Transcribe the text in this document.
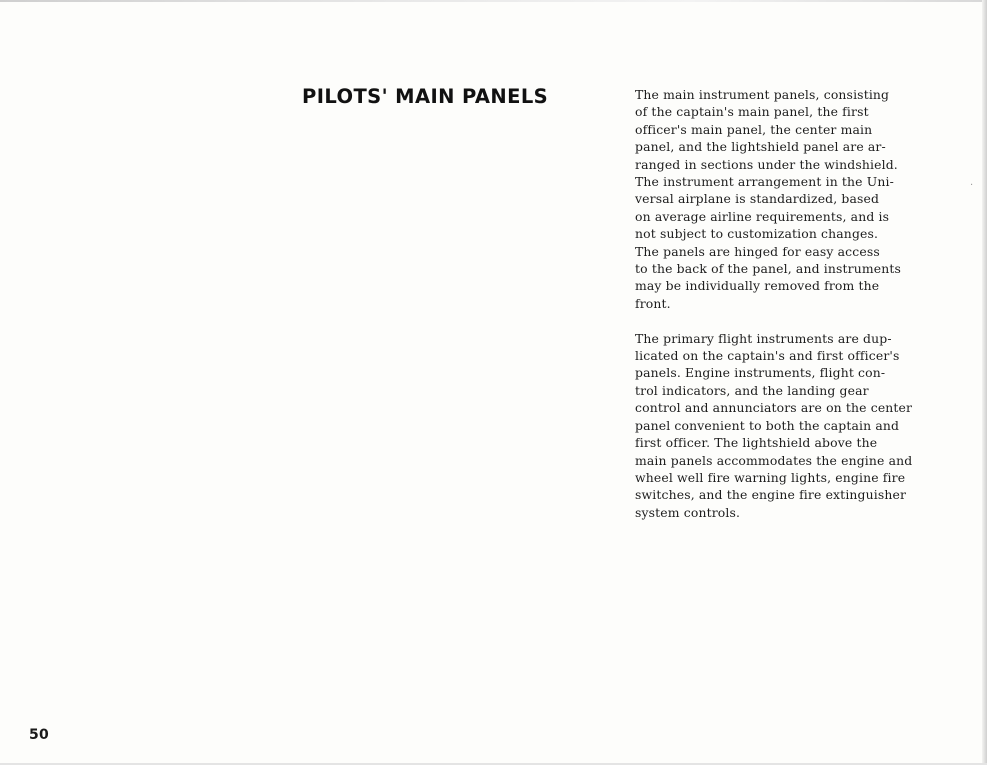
PILOTS' MAIN PANELS	The main instrument panels, consisting
of the captain's main panel, the first
officer's main panel, the center main
panel, and the lightshield panel are ar-
ranged in sections under the windshield.
The instrument arrangement in the Uni-
versal airplane is standardized, based
on average airline requirements, and is
not subject to customization changes.
The panels are hinged for easy access
to the back of the panel, and instruments
may be individually removed from the
front.

The primary flight instruments are dup-
licated on the captain's and first officer's
panels. Engine instruments, flight con-
trol indicators, and the landing gear
control and annunciators are on the center
panel convenient to both the captain and
first officer. The lightshield above the
main panels accommodates the engine and
wheel well fire warning lights, engine fire
switches, and the engine fire extinguisher
system controls.

·
50
